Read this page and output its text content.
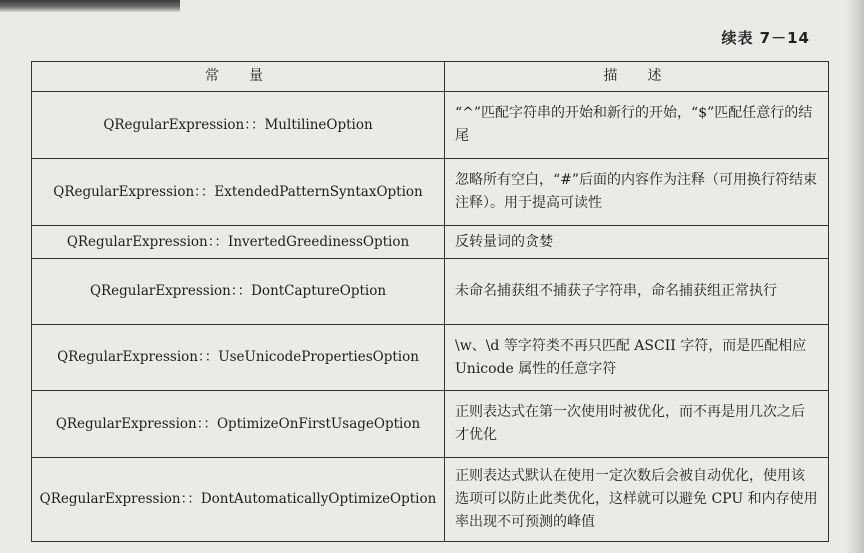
续表 7－14
常　量	描　述
QRegularExpression：：MultilineOption	“^”匹配字符串的开始和新行的开始，“$”匹配任意行的结尾
QRegularExpression：：ExtendedPatternSyntaxOption	忽略所有空白，“#”后面的内容作为注释（可用换行符结束注释）。用于提高可读性
QRegularExpression：：InvertedGreedinessOption	反转量词的贪婪
QRegularExpression：：DontCaptureOption	未命名捕获组不捕获子字符串，命名捕获组正常执行
QRegularExpression：：UseUnicodePropertiesOption	\w、\d 等字符类不再只匹配 ASCII 字符，而是匹配相应 Unicode 属性的任意字符
QRegularExpression：：OptimizeOnFirstUsageOption	正则表达式在第一次使用时被优化，而不再是用几次之后才优化
QRegularExpression：：DontAutomaticallyOptimizeOption	正则表达式默认在使用一定次数后会被自动优化，使用该选项可以防止此类优化，这样就可以避免 CPU 和内存使用率出现不可预测的峰值
